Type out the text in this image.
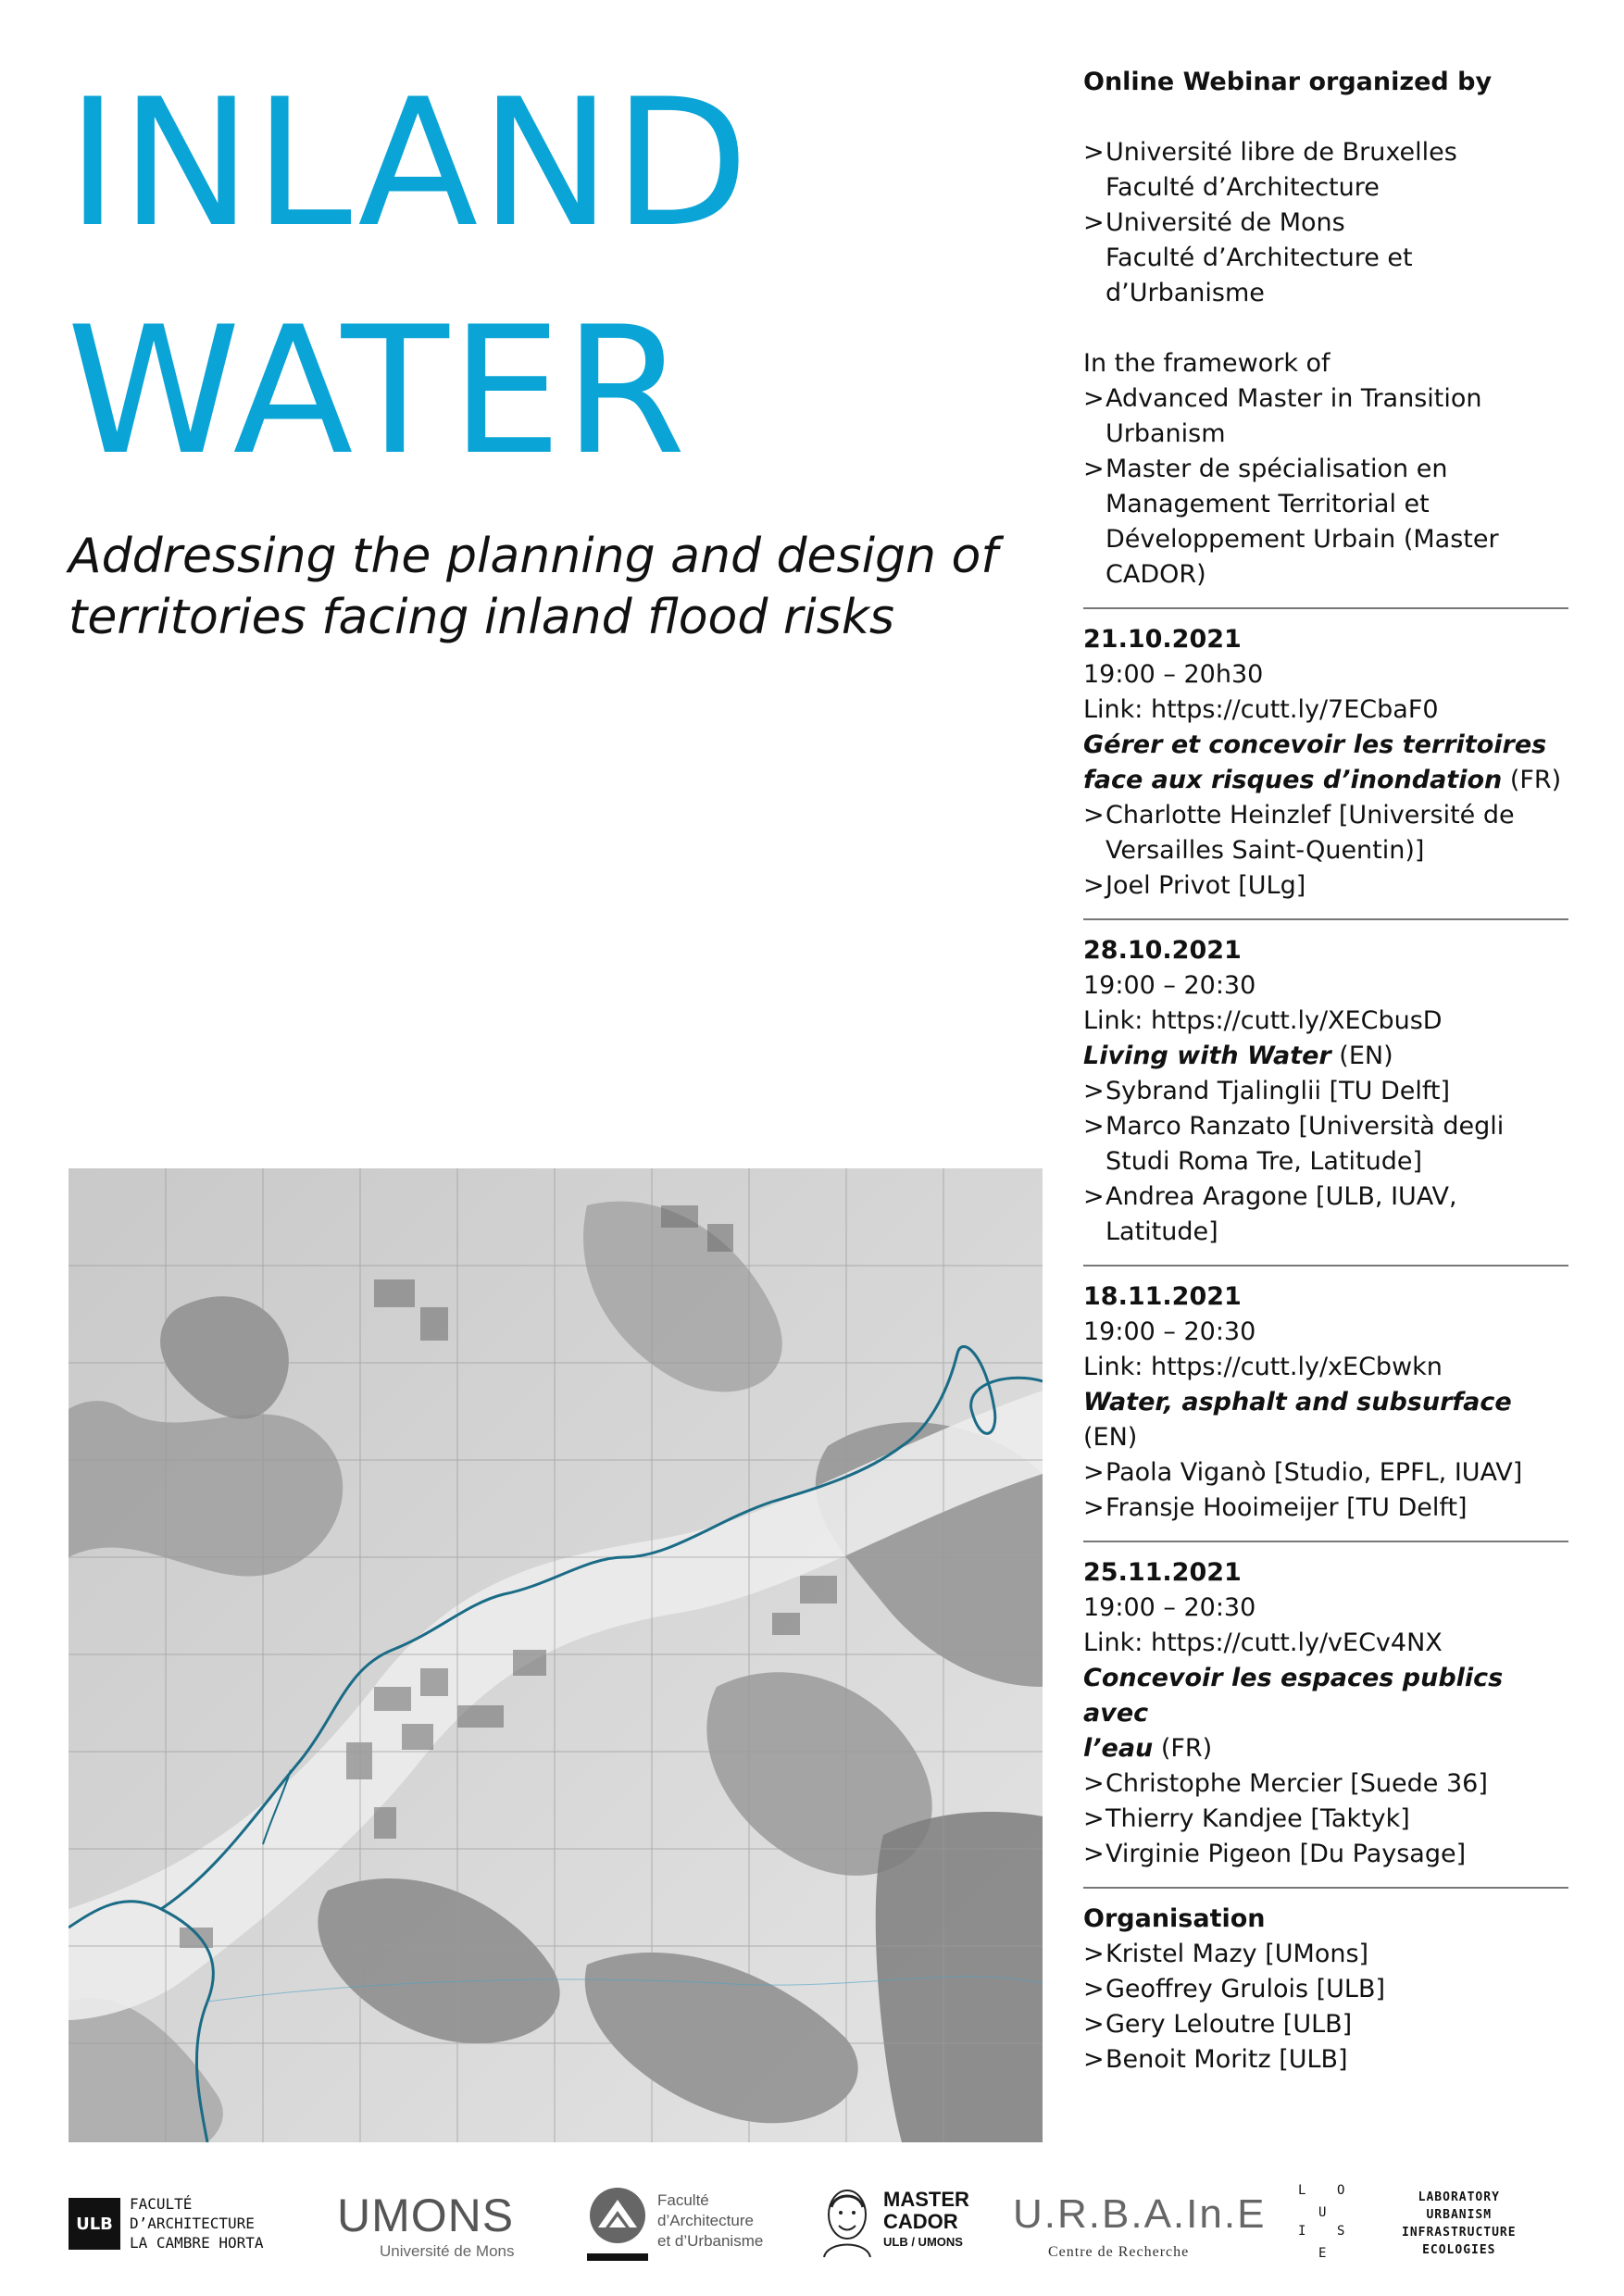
INLAND
WATER
Addressing the planning and design of
territories facing inland flood risks
Online Webinar organized by
> Université libre de Bruxelles
Faculté d’Architecture
> Université de Mons
Faculté d’Architecture et
d’Urbanisme
In the framework of
> Advanced Master in Transition
Urbanism
> Master de spécialisation en
Management Territorial et
Développement Urbain (Master
CADOR)
21.10.2021
19:00 – 20h30
Link: https://cutt.ly/7ECbaF0
Gérer et concevoir les territoires
face aux risques d’inondation (FR)
> Charlotte Heinzlef [Université de
Versailles Saint-Quentin)]
> Joel Privot [ULg]
28.10.2021
19:00 – 20:30
Link: https://cutt.ly/XECbusD
Living with Water (EN)
> Sybrand Tjalinglii [TU Delft]
> Marco Ranzato [Università degli
Studi Roma Tre, Latitude]
> Andrea Aragone [ULB, IUAV,
Latitude]
18.11.2021
19:00 – 20:30
Link: https://cutt.ly/xECbwkn
Water, asphalt and subsurface (EN)
> Paola Viganò [Studio, EPFL, IUAV]
> Fransje Hooimeijer [TU Delft]
25.11.2021
19:00 – 20:30
Link: https://cutt.ly/vECv4NX
Concevoir les espaces publics avec
l’eau (FR)
> Christophe Mercier [Suede 36]
> Thierry Kandjee [Taktyk]
> Virginie Pigeon [Du Paysage]
Organisation
> Kristel Mazy [UMons]
> Geoffrey Grulois [ULB]
> Gery Leloutre [ULB]
> Benoit Moritz [ULB]
ULB
FACULTÉ
D’ARCHITECTURE
LA CAMBRE HORTA
UMONS
Université de Mons
Faculté
d’Architecture
et d’Urbanisme
MASTER
CADOR
ULB / UMONS
U.R.B.A.In.E
Centre de Recherche
L O
U
I S
E
LABORATORY
URBANISM
INFRASTRUCTURE
ECOLOGIES
